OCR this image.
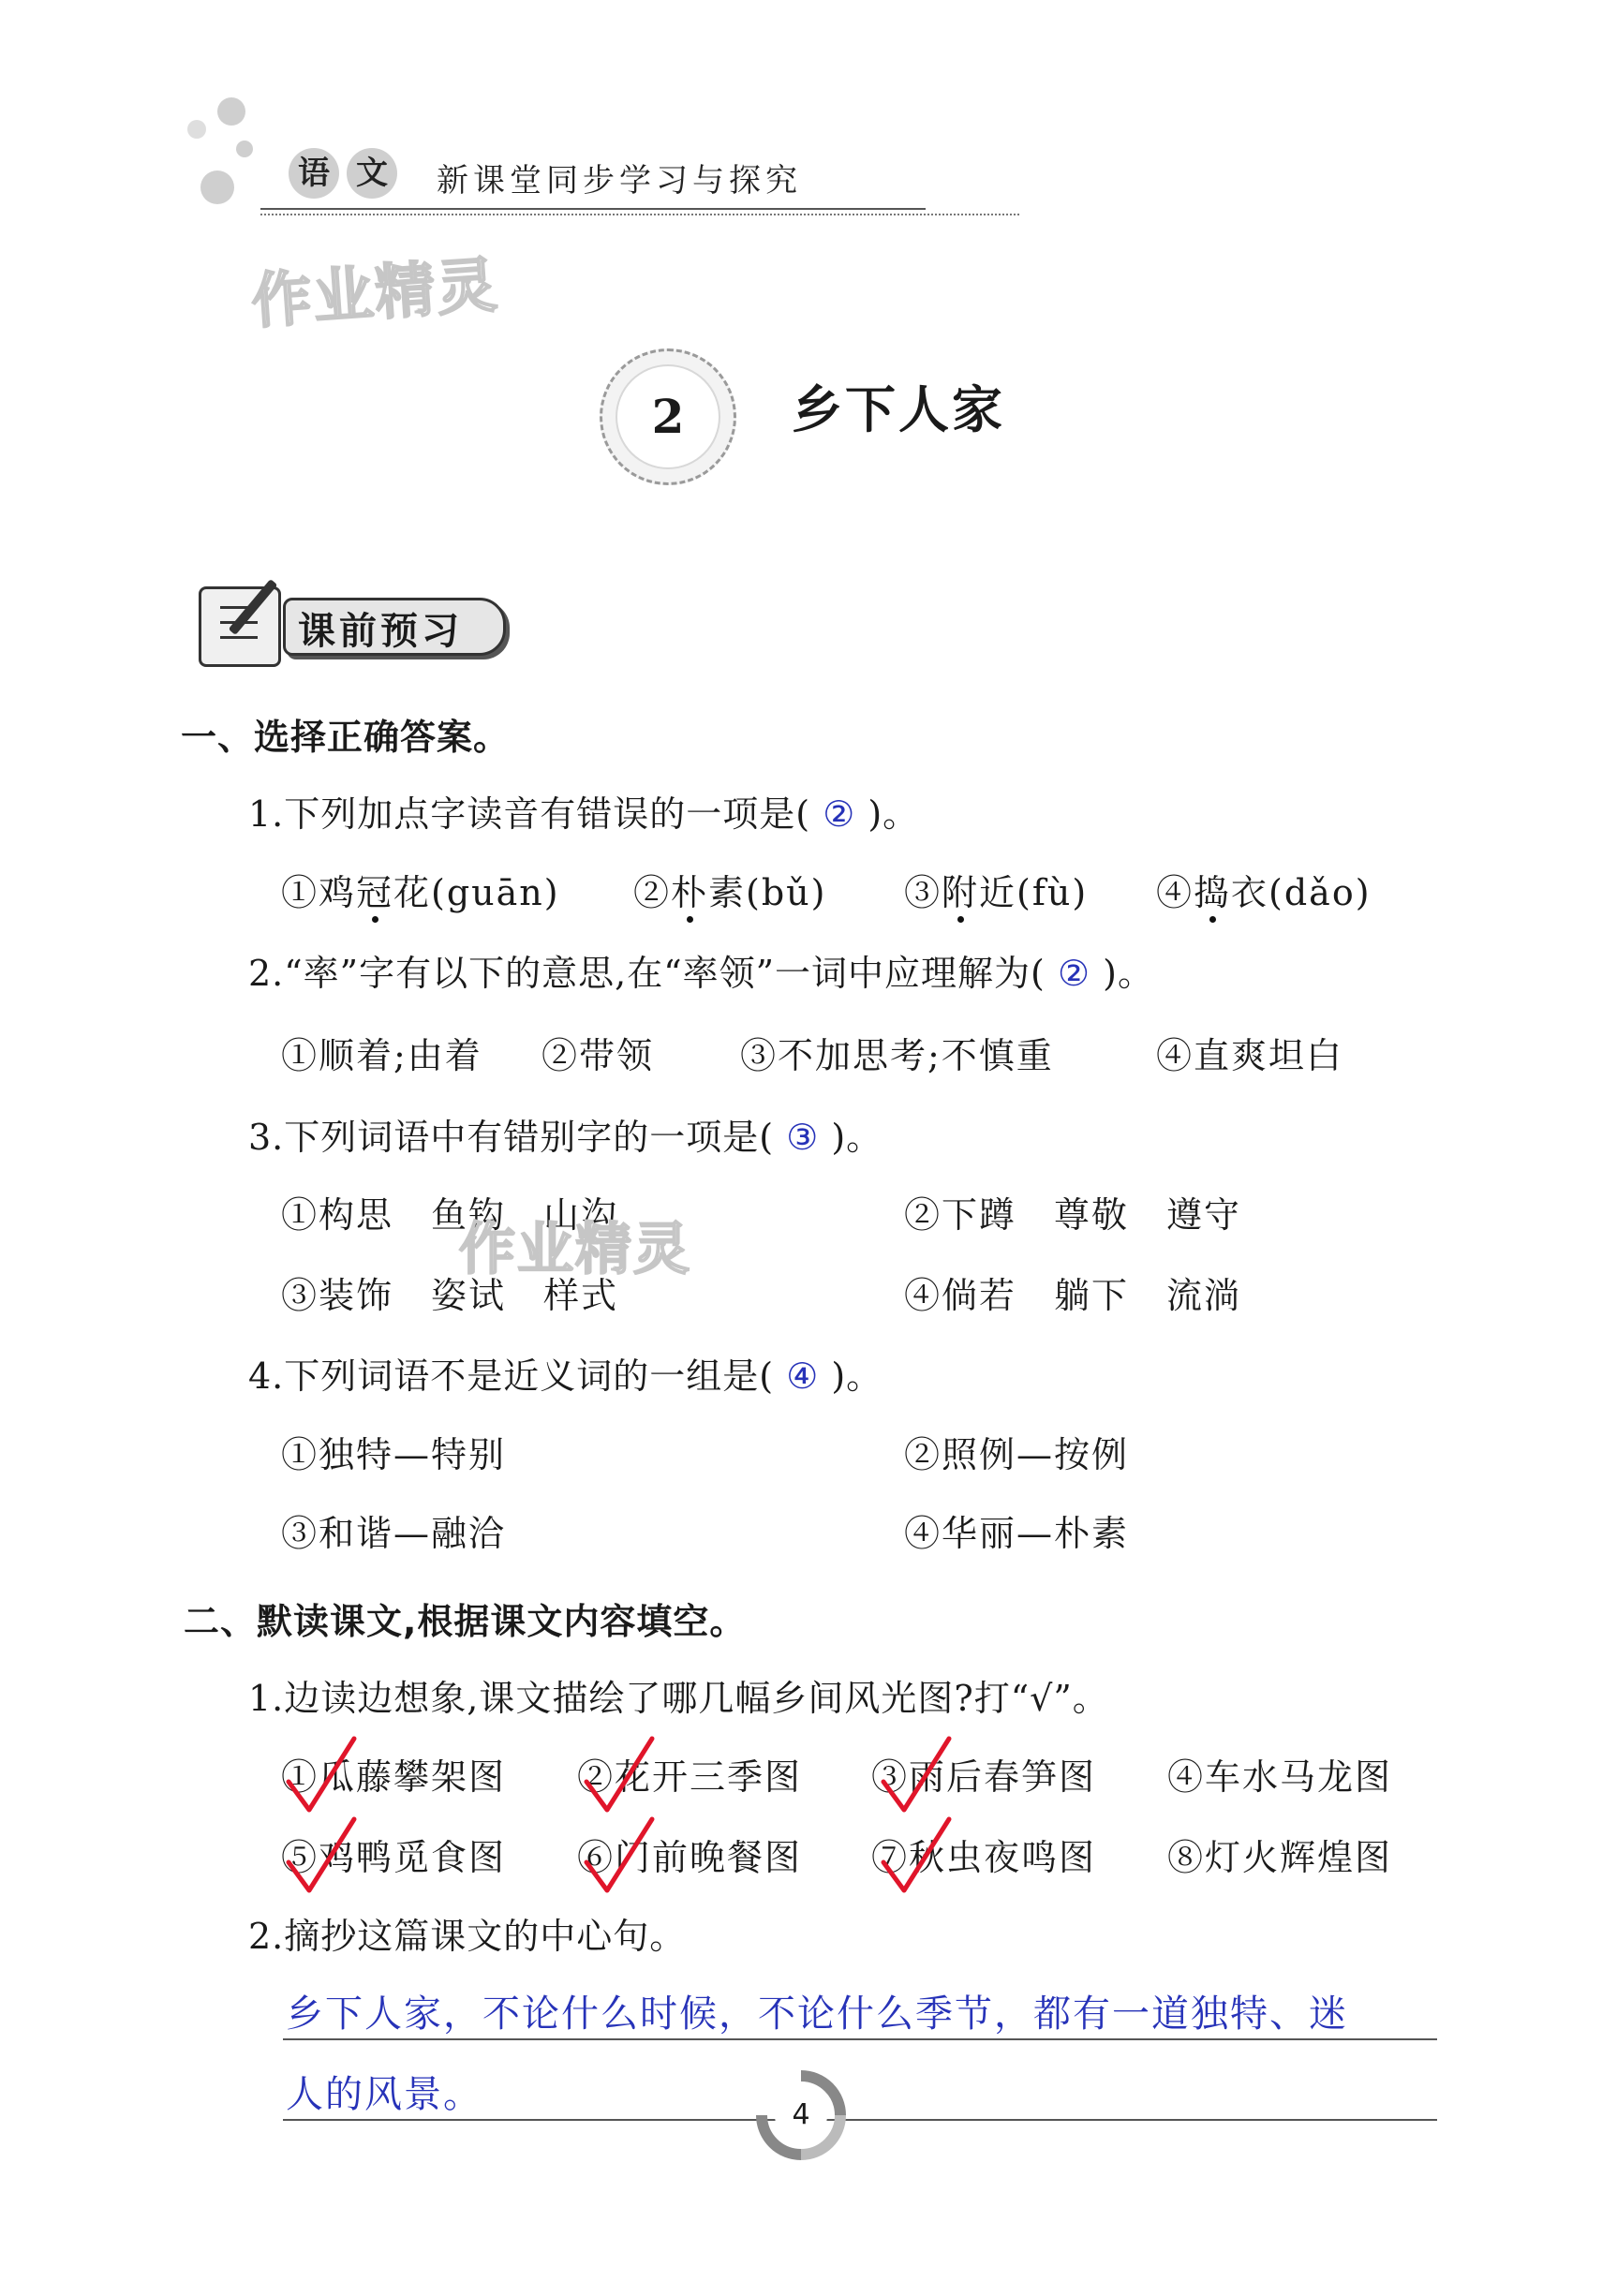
语 文 新课堂同步学习与探究
作业精灵
2	乡下人家
课前预习
一、选择正确答案。
1.下列加点字读音有错误的一项是( ② )。
①鸡冠花(guān) ②朴素(bǔ) ③附近(fù) ④捣衣(dǎo)
2.“率”字有以下的意思,在“率领”一词中应理解为( ② )。
①顺着;由着 ②带领 ③不加思考;不慎重	④直爽坦白
3.下列词语中有错别字的一项是( ③ )。
①构思　鱼钩　山沟	②下蹲　尊敬　遵守
作业精灵
③装饰　姿试　样式	④倘若　躺下　流淌
4.下列词语不是近义词的一组是( ④ )。
①独特—特别	②照例—按例
③和谐—融洽	④华丽—朴素
二、默读课文,根据课文内容填空。
1.边读边想象,课文描绘了哪几幅乡间风光图?打“√”。
①瓜藤攀架图 ②花开三季图 ③雨后春笋图 ④车水马龙图
⑤鸡鸭觅食图 ⑥门前晚餐图 ⑦秋虫夜鸣图 ⑧灯火辉煌图
2.摘抄这篇课文的中心句。
乡下人家，不论什么时候，不论什么季节，都有一道独特、迷
人的风景。	4
